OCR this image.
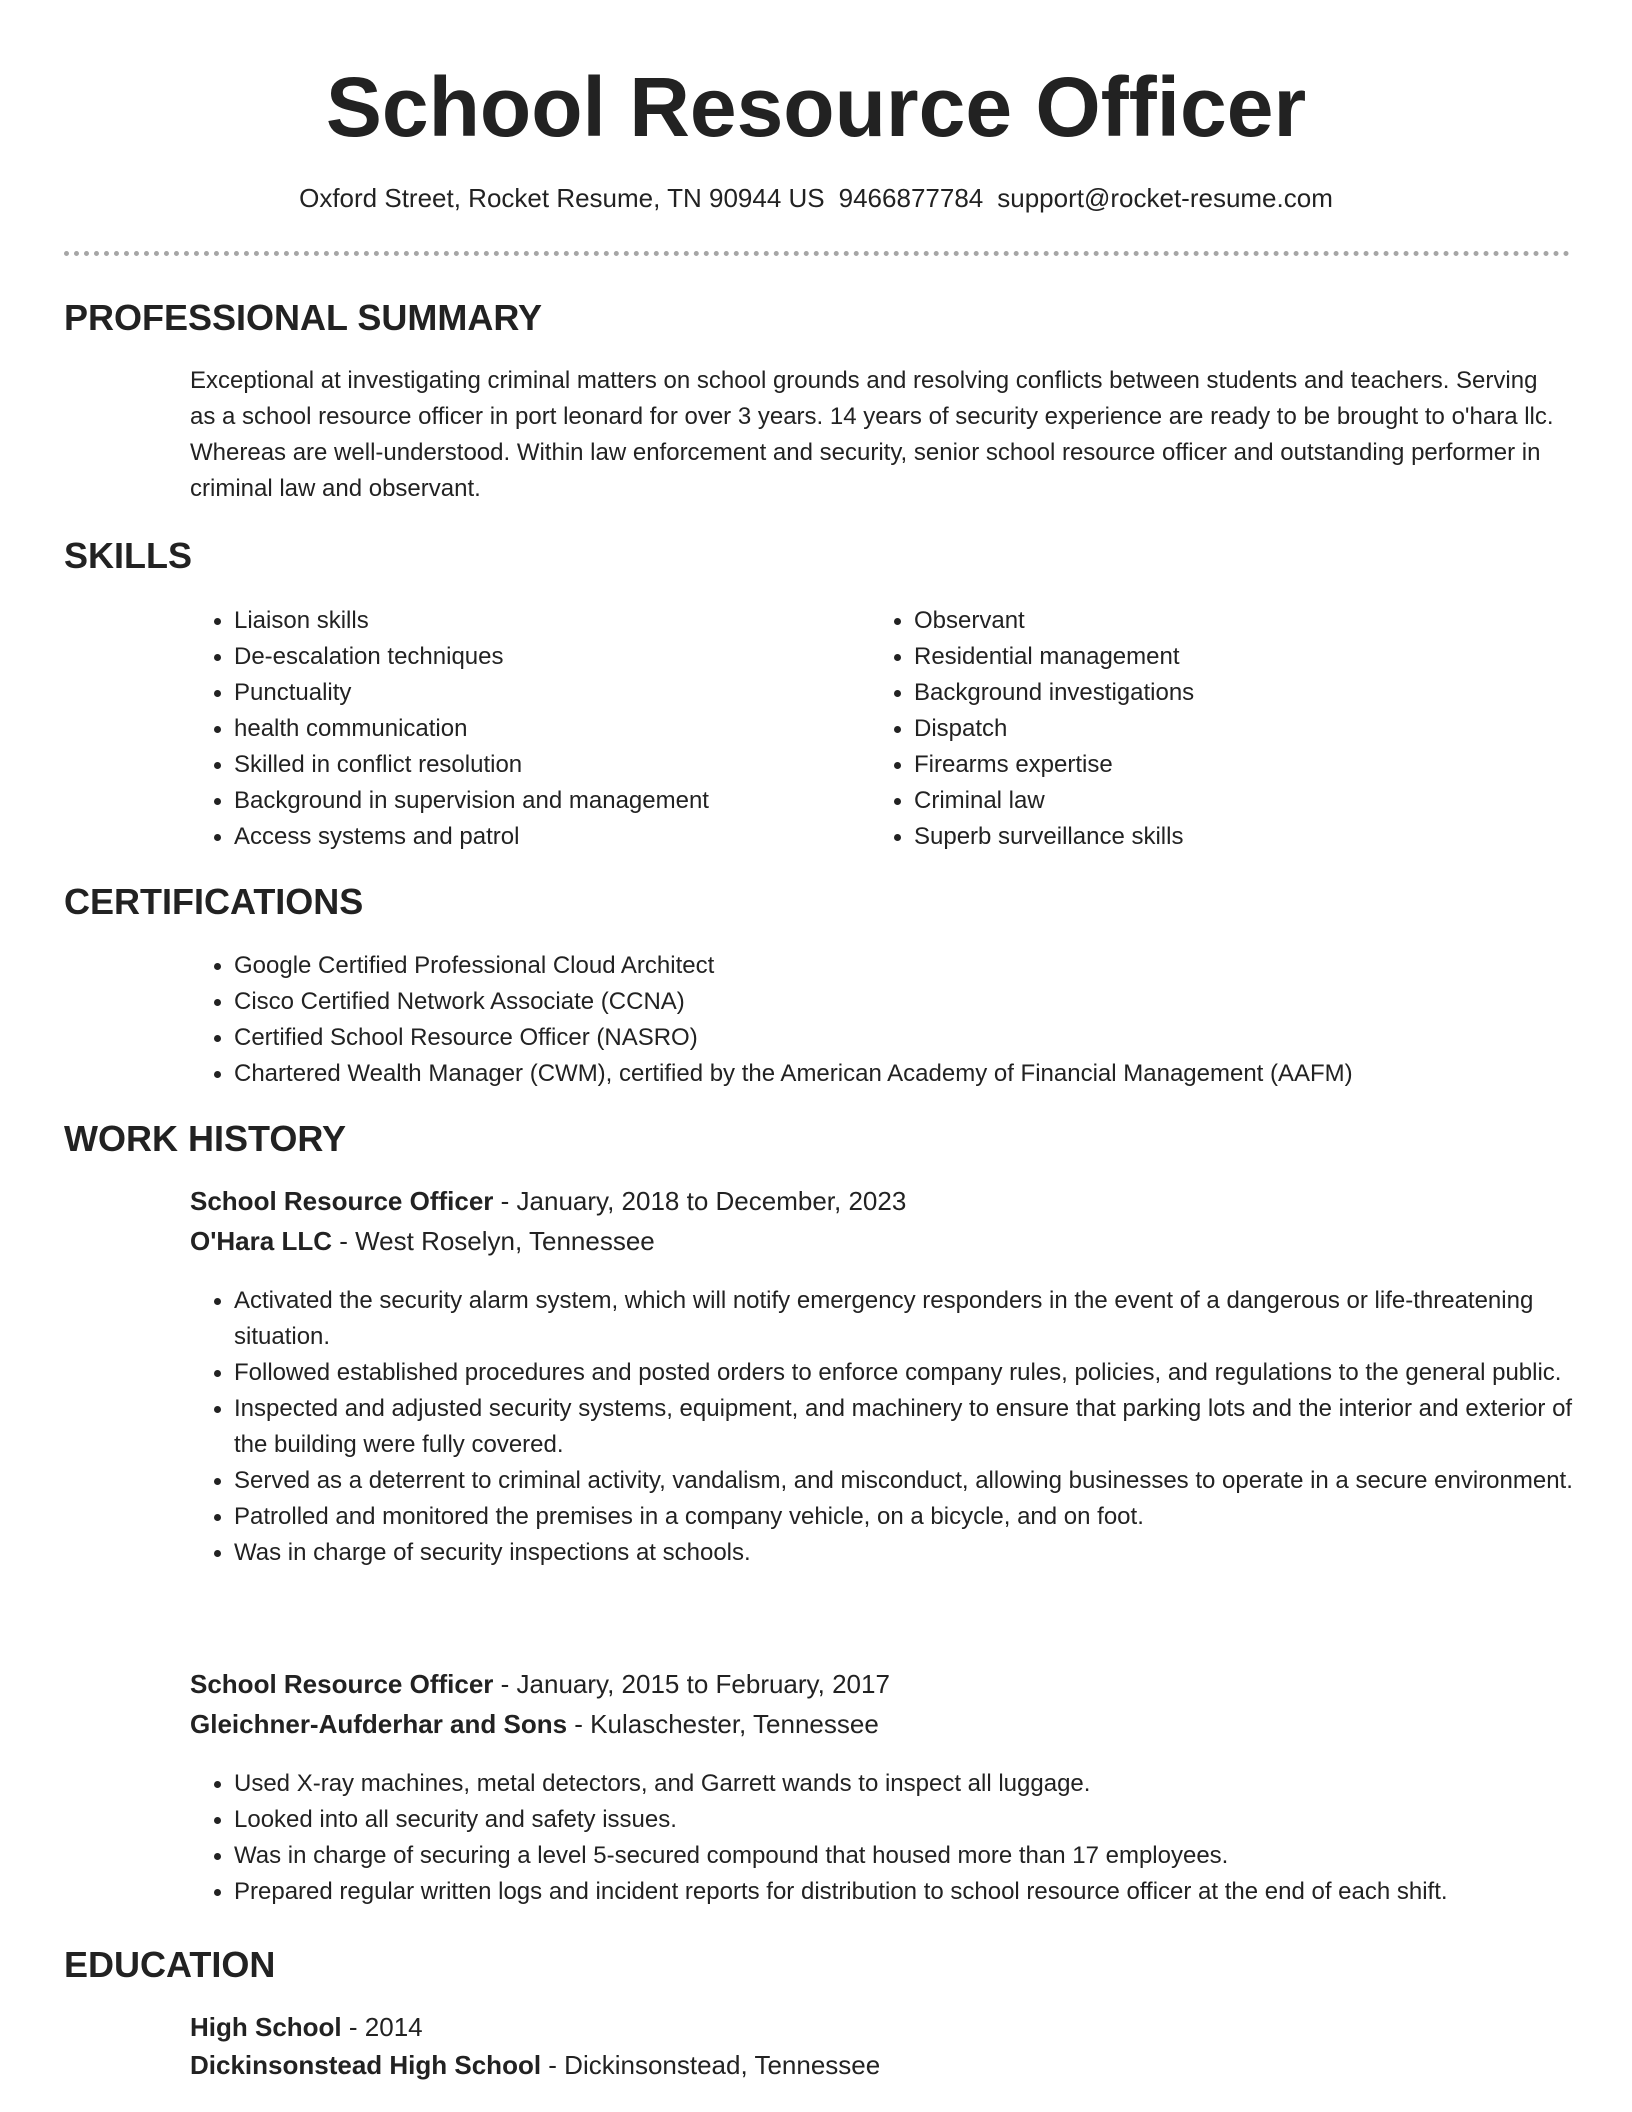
School Resource Officer
Oxford Street, Rocket Resume, TN 90944 US 9466877784 support@rocket-resume.com
PROFESSIONAL SUMMARY

Exceptional at investigating criminal matters on school grounds and resolving conflicts between students and teachers. Serving as a school resource officer in port leonard for over 3 years. 14 years of security experience are ready to be brought to o'hara llc. Whereas are well-understood. Within law enforcement and security, senior school resource officer and outstanding performer in criminal law and observant.

SKILLS
• Liaison skills
• De-escalation techniques
• Punctuality
• health communication
• Skilled in conflict resolution
• Background in supervision and management
• Access systems and patrol
• Observant
• Residential management
• Background investigations
• Dispatch
• Firearms expertise
• Criminal law
• Superb surveillance skills
CERTIFICATIONS
• Google Certified Professional Cloud Architect
• Cisco Certified Network Associate (CCNA)
• Certified School Resource Officer (NASRO)
• Chartered Wealth Manager (CWM), certified by the American Academy of Financial Management (AAFM)
WORK HISTORY
School Resource Officer - January, 2018 to December, 2023
O'Hara LLC - West Roselyn, Tennessee
• Activated the security alarm system, which will notify emergency responders in the event of a dangerous or life-threatening situation.
• Followed established procedures and posted orders to enforce company rules, policies, and regulations to the general public.
• Inspected and adjusted security systems, equipment, and machinery to ensure that parking lots and the interior and exterior of the building were fully covered.
• Served as a deterrent to criminal activity, vandalism, and misconduct, allowing businesses to operate in a secure environment.
• Patrolled and monitored the premises in a company vehicle, on a bicycle, and on foot.
• Was in charge of security inspections at schools.
School Resource Officer - January, 2015 to February, 2017
Gleichner-Aufderhar and Sons - Kulaschester, Tennessee
• Used X-ray machines, metal detectors, and Garrett wands to inspect all luggage.
• Looked into all security and safety issues.
• Was in charge of securing a level 5-secured compound that housed more than 17 employees.
• Prepared regular written logs and incident reports for distribution to school resource officer at the end of each shift.
EDUCATION
High School - 2014
Dickinsonstead High School - Dickinsonstead, Tennessee
